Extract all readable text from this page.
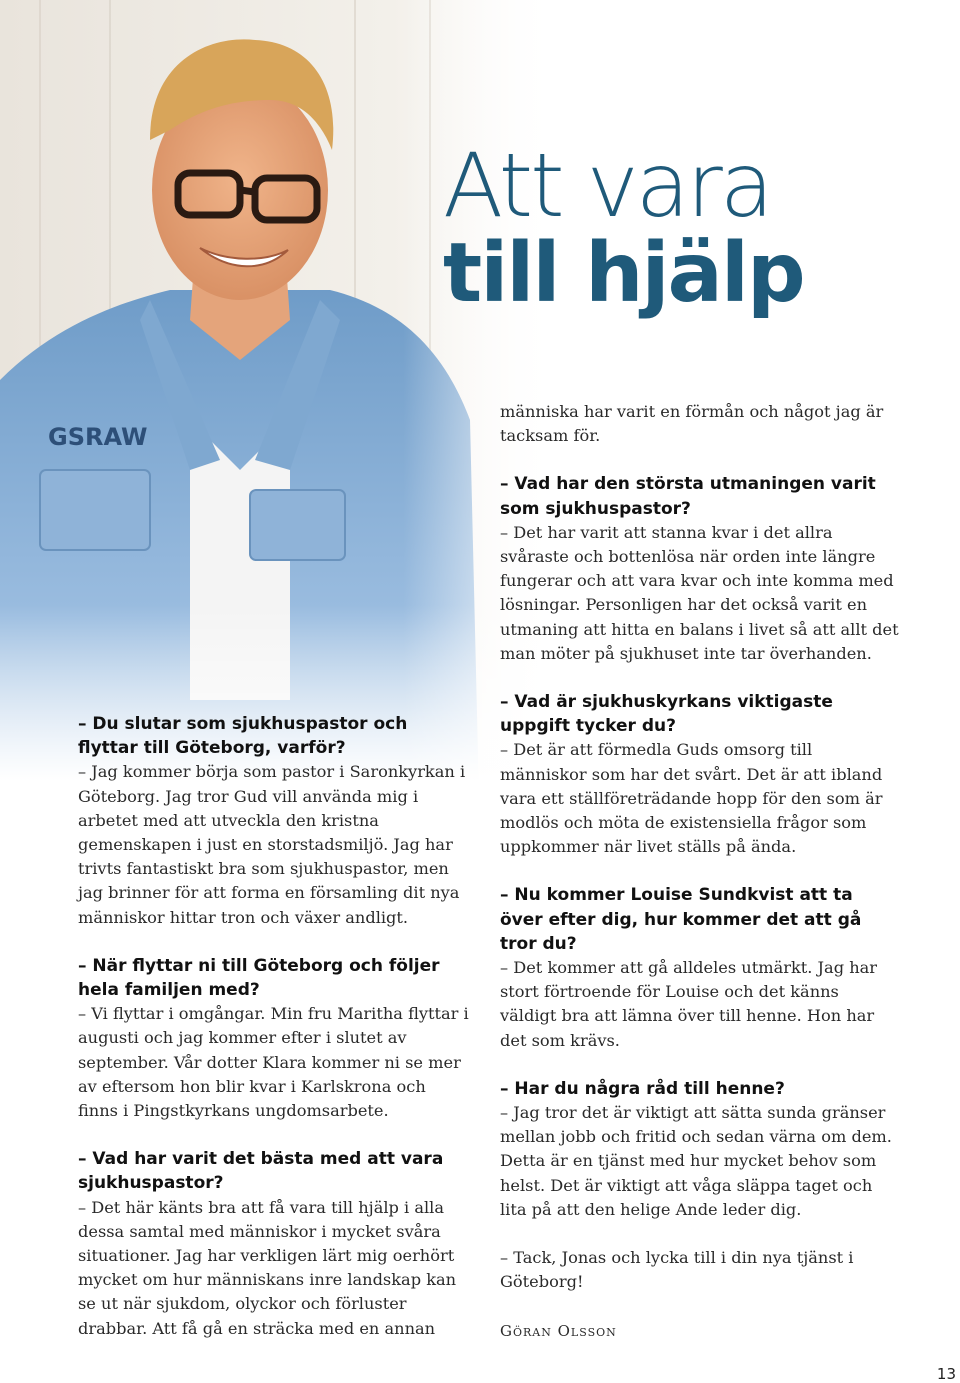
Att vara
till hjälp

människa har varit en förmån och något jag är tacksam för.

– Vad har den största utmaningen varit som sjukhuspastor?

– Det har varit att stanna kvar i det allra svåraste och bottenlösa när orden inte längre fungerar och att vara kvar och inte komma med lösningar. Personligen har det också varit en utmaning att hitta en balans i livet så att allt det man möter på sjukhuset inte tar överhanden.

– Vad är sjukhuskyrkans viktigaste uppgift tycker du?

– Det är att förmedla Guds omsorg till människor som har det svårt. Det är att ibland vara ett ställföreträdande hopp för den som är modlös och möta de existensiella frågor som uppkommer när livet ställs på ända.

– Nu kommer Louise Sundkvist att ta över efter dig, hur kommer det att gå tror du?

– Det kommer att gå alldeles utmärkt. Jag har stort förtroende för Louise och det känns väldigt bra att lämna över till henne. Hon har det som krävs.

– Har du några råd till henne?

– Jag tror det är viktigt att sätta sunda gränser mellan jobb och fritid och sedan värna om dem. Detta är en tjänst med hur mycket behov som helst. Det är viktigt att våga släppa taget och lita på att den helige Ande leder dig.

– Tack, Jonas och lycka till i din nya tjänst i Göteborg!

Göran Olsson

– Du slutar som sjukhuspastor och flyttar till Göteborg, varför?

– Jag kommer börja som pastor i Saronkyrkan i Göteborg. Jag tror Gud vill använda mig i arbetet med att utveckla den kristna gemenskapen i just en storstadsmiljö. Jag har trivts fantastiskt bra som sjukhuspastor, men jag brinner för att forma en församling dit nya människor hittar tron och växer andligt.

– När flyttar ni till Göteborg och följer hela familjen med?

– Vi flyttar i omgångar. Min fru Maritha flyttar i augusti och jag kommer efter i slutet av september. Vår dotter Klara kommer ni se mer av eftersom hon blir kvar i Karlskrona och finns i Pingstkyrkans ungdomsarbete.

– Vad har varit det bästa med att vara sjukhuspastor?

– Det här känts bra att få vara till hjälp i alla dessa samtal med människor i mycket svåra situationer. Jag har verkligen lärt mig oerhört mycket om hur människans inre landskap kan se ut när sjukdom, olyckor och förluster drabbar. Att få gå en sträcka med en annan

13
